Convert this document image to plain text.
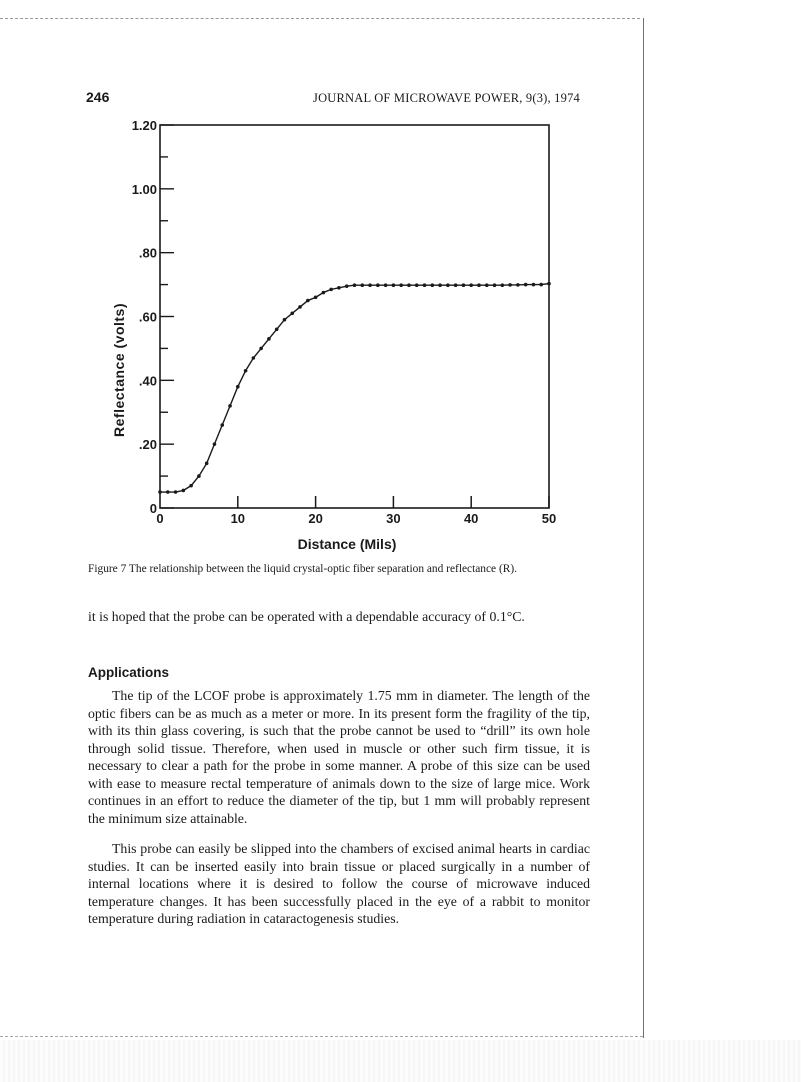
246	JOURNAL OF MICROWAVE POWER, 9(3), 1974
0
.20
.40
.60
.80
1.00
1.20
0	10	20	30	40	50
Distance (Mils)
Reflectance (volts)
Figure 7 The relationship between the liquid crystal-optic fiber separation and reflectance (R).
it is hoped that the probe can be operated with a dependable accuracy of 0.1°C.
Applications
The tip of the LCOF probe is approximately 1.75 mm in diameter. The length of the optic fibers can be as much as a meter or more. In its present form the fragility of the tip, with its thin glass covering, is such that the probe cannot be used to “drill” its own hole through solid tissue. Therefore, when used in muscle or other such firm tissue, it is necessary to clear a path for the probe in some manner. A probe of this size can be used with ease to measure rectal temperature of animals down to the size of large mice. Work continues in an effort to reduce the diameter of the tip, but 1 mm will probably represent the minimum size attainable.
This probe can easily be slipped into the chambers of excised animal hearts in cardiac studies. It can be inserted easily into brain tissue or placed surgically in a number of internal locations where it is desired to follow the course of microwave induced temperature changes. It has been successfully placed in the eye of a rabbit to monitor temperature during radiation in cataractogenesis studies.
